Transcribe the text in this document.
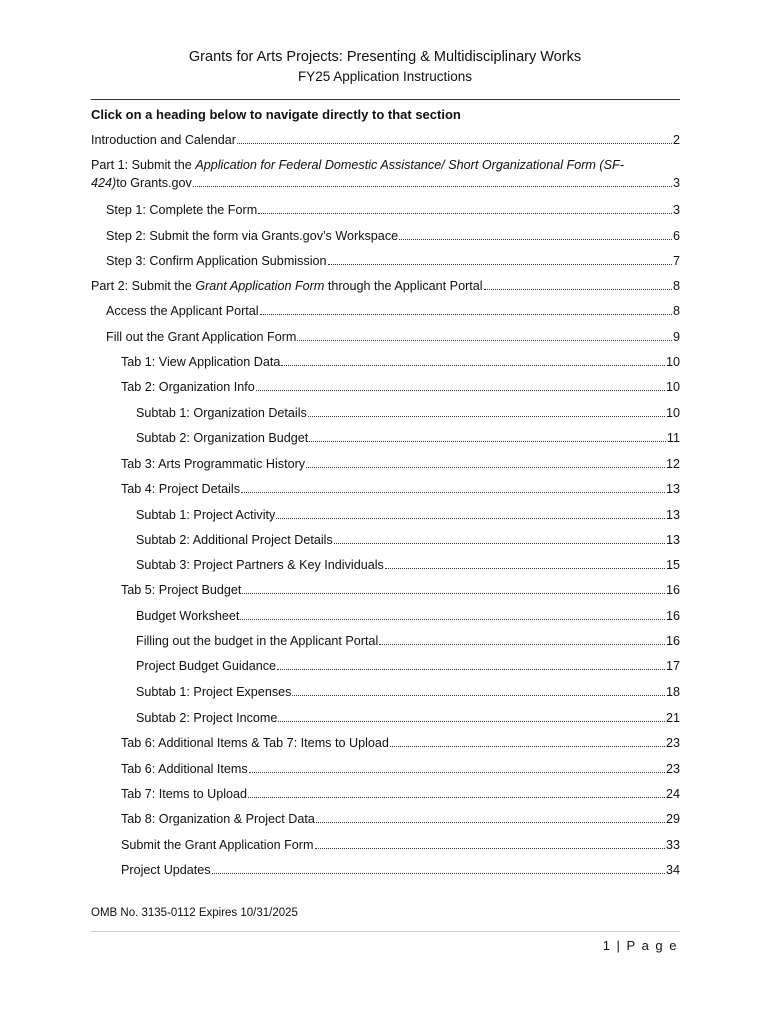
Grants for Arts Projects: Presenting & Multidisciplinary Works
FY25 Application Instructions
Click on a heading below to navigate directly to that section
Introduction and Calendar	2
Part 1: Submit the Application for Federal Domestic Assistance/ Short Organizational Form (SF-
424) to Grants.gov	3
Step 1: Complete the Form	3
Step 2: Submit the form via Grants.gov’s Workspace	6
Step 3: Confirm Application Submission	7
Part 2: Submit the Grant Application Form through the Applicant Portal	8
Access the Applicant Portal	8
Fill out the Grant Application Form	9
Tab 1: View Application Data	10
Tab 2: Organization Info	10
Subtab 1: Organization Details	10
Subtab 2: Organization Budget	11
Tab 3: Arts Programmatic History	12
Tab 4: Project Details	13
Subtab 1: Project Activity	13
Subtab 2: Additional Project Details	13
Subtab 3: Project Partners & Key Individuals	15
Tab 5: Project Budget	16
Budget Worksheet	16
Filling out the budget in the Applicant Portal	16
Project Budget Guidance	17
Subtab 1: Project Expenses	18
Subtab 2: Project Income	21
Tab 6: Additional Items & Tab 7: Items to Upload	23
Tab 6: Additional Items	23
Tab 7: Items to Upload	24
Tab 8: Organization & Project Data	29
Submit the Grant Application Form	33
Project Updates	34
OMB No. 3135-0112 Expires 10/31/2025
1 | P a g e
